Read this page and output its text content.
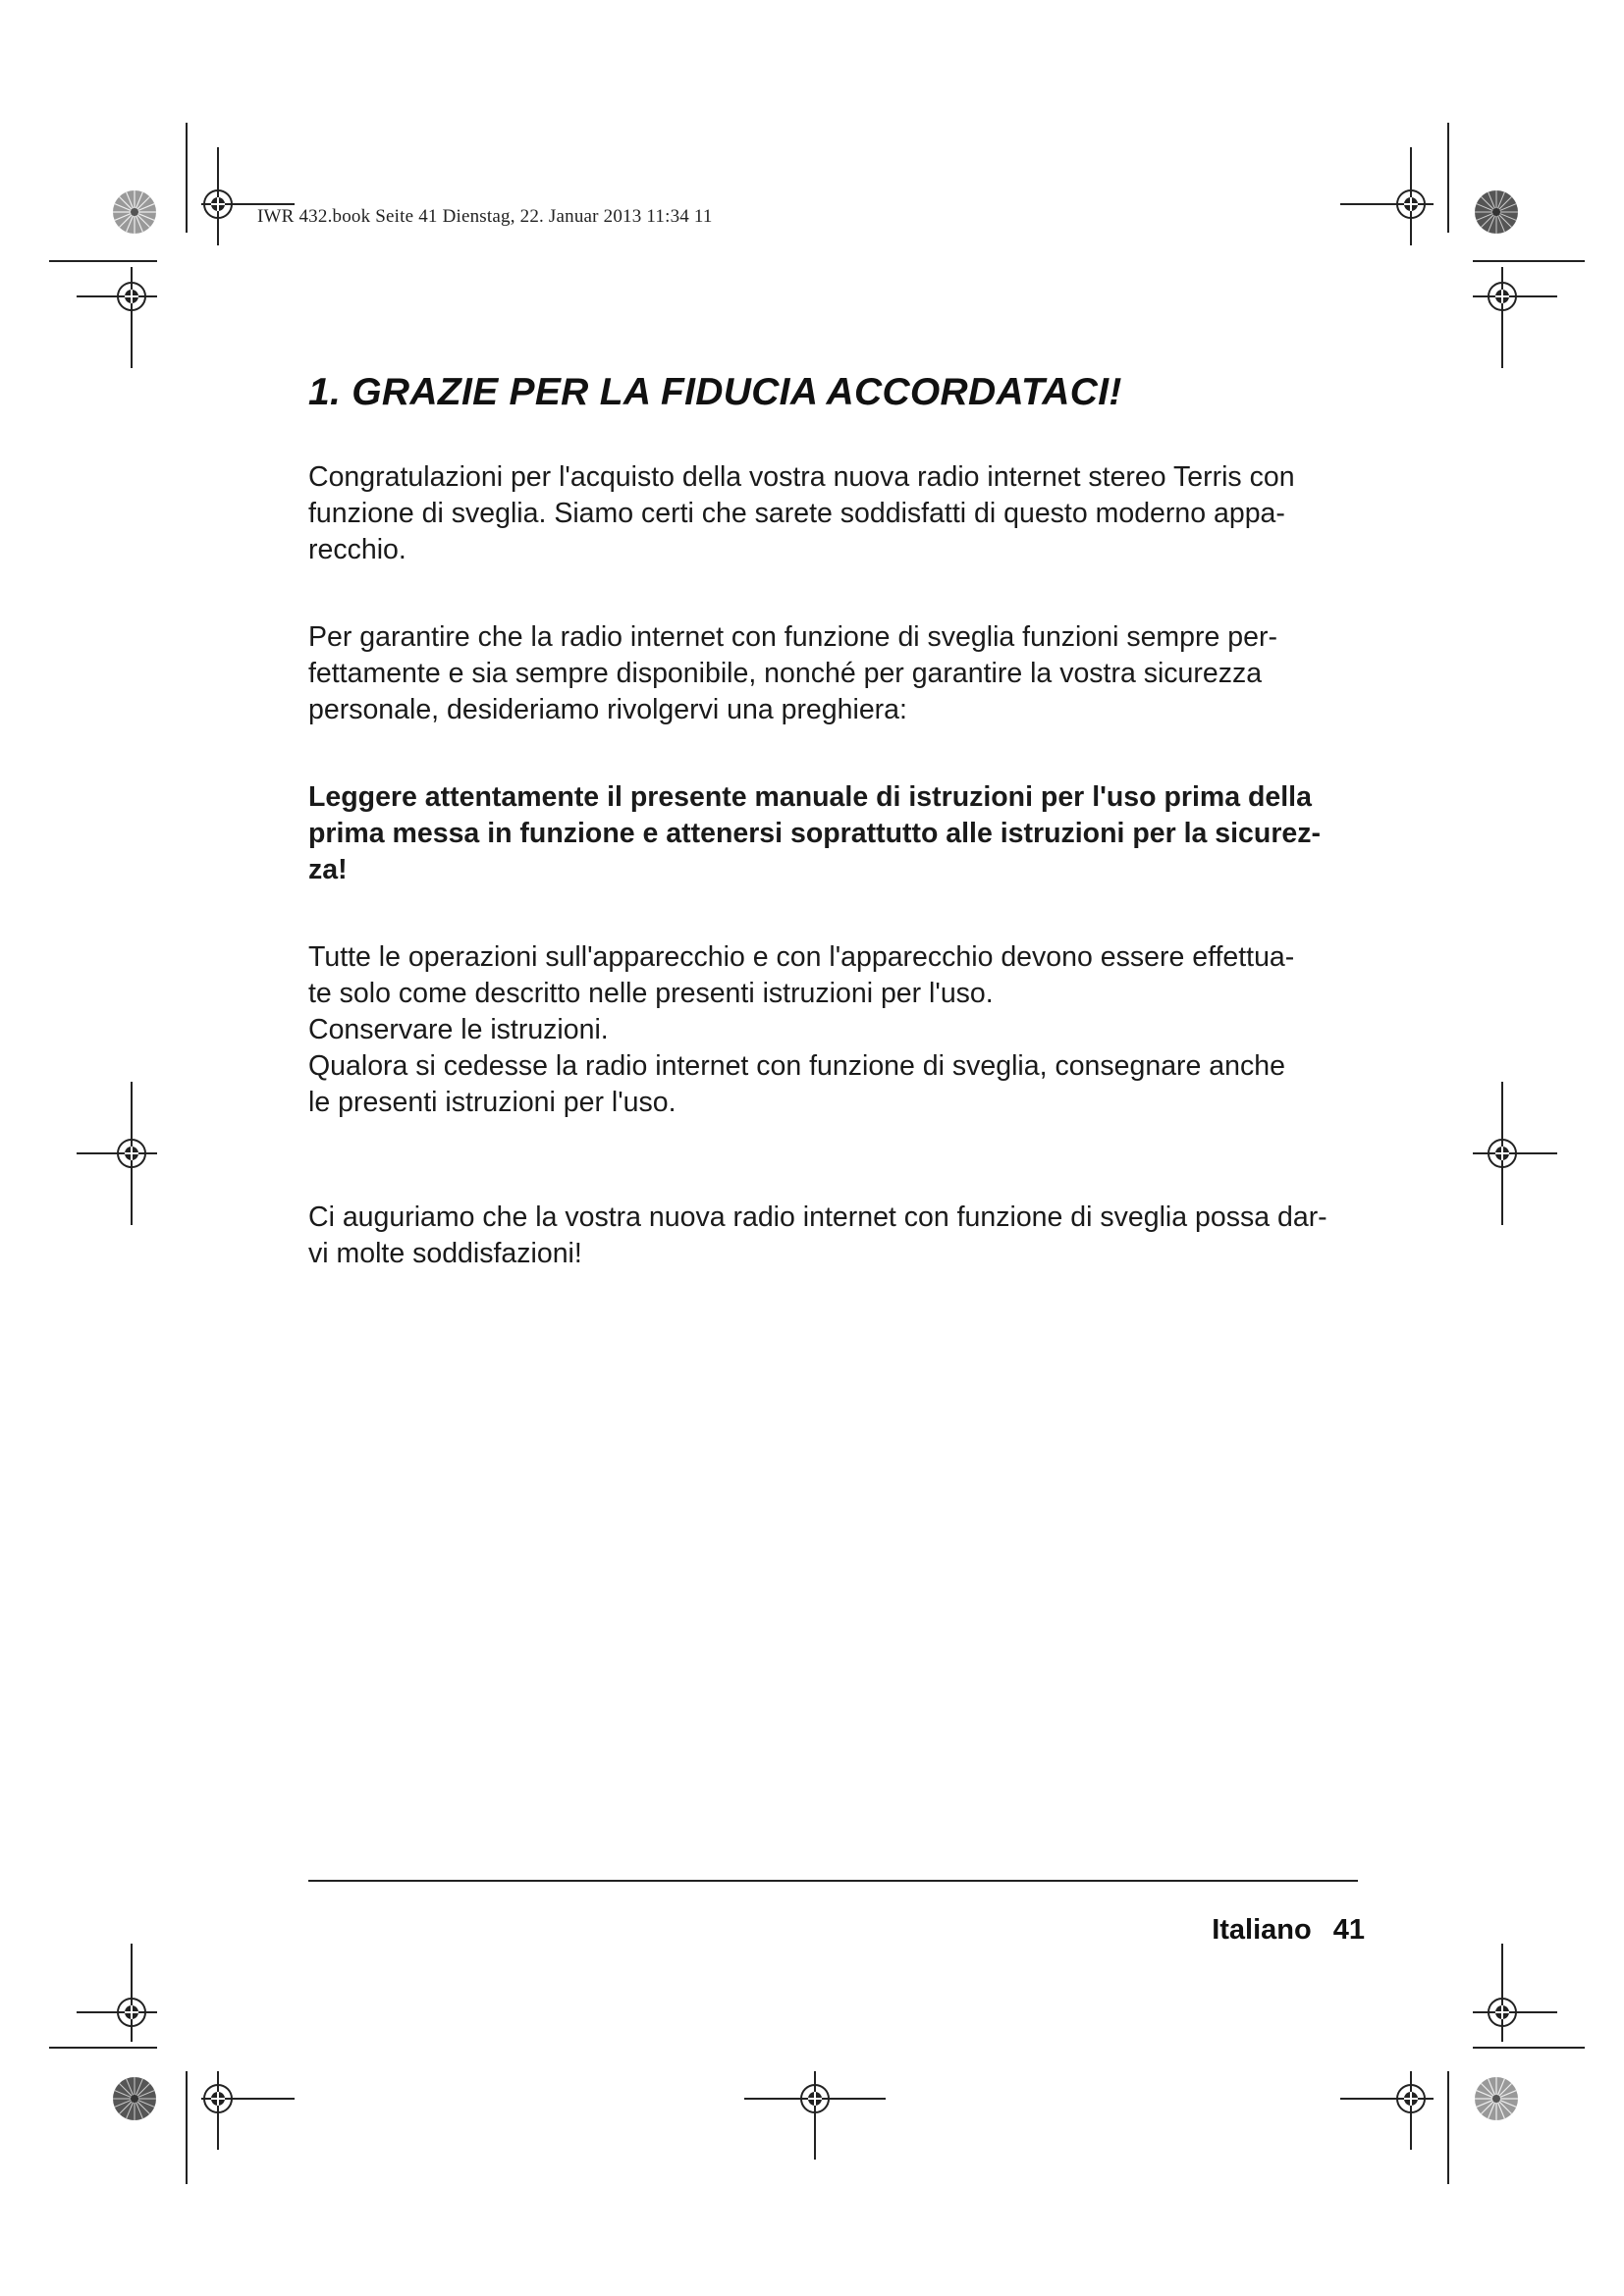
IWR 432.book Seite 41 Dienstag, 22. Januar 2013 11:34 11
1. GRAZIE PER LA FIDUCIA ACCORDATACI!

Congratulazioni per l'acquisto della vostra nuova radio internet stereo Terris con
funzione di sveglia. Siamo certi che sarete soddisfatti di questo moderno appa-
recchio.

Per garantire che la radio internet con funzione di sveglia funzioni sempre per-
fettamente e sia sempre disponibile, nonché per garantire la vostra sicurezza
personale, desideriamo rivolgervi una preghiera:

Leggere attentamente il presente manuale di istruzioni per l'uso prima della
prima messa in funzione e attenersi soprattutto alle istruzioni per la sicurez-
za!

Tutte le operazioni sull'apparecchio e con l'apparecchio devono essere effettua-
te solo come descritto nelle presenti istruzioni per l'uso.
Conservare le istruzioni.
Qualora si cedesse la radio internet con funzione di sveglia, consegnare anche
le presenti istruzioni per l'uso.

Ci auguriamo che la vostra nuova radio internet con funzione di sveglia possa dar-
vi molte soddisfazioni!

Italiano 41
